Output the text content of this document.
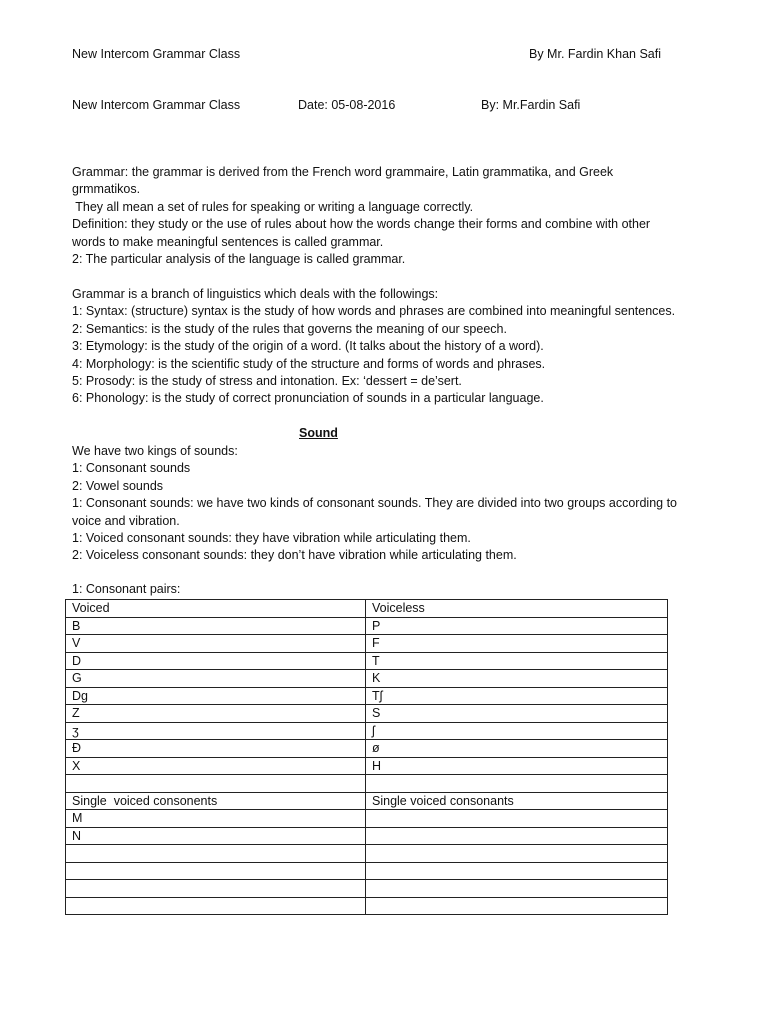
New Intercom Grammar Class	By Mr. Fardin Khan Safi
New Intercom Grammar Class	Date: 05-08-2016	By: Mr.Fardin Safi
Grammar: the grammar is derived from the French word grammaire, Latin grammatika, and Greek
grmmatikos.
They all mean a set of rules for speaking or writing a language correctly.
Definition: they study or the use of rules about how the words change their forms and combine with other
words to make meaningful sentences is called grammar.
2: The particular analysis of the language is called grammar.
Grammar is a branch of linguistics which deals with the followings:
1: Syntax: (structure) syntax is the study of how words and phrases are combined into meaningful sentences.
2: Semantics: is the study of the rules that governs the meaning of our speech.
3: Etymology: is the study of the origin of a word. (It talks about the history of a word).
4: Morphology: is the scientific study of the structure and forms of words and phrases.
5: Prosody: is the study of stress and intonation. Ex: ‘dessert = de’sert.
6: Phonology: is the study of correct pronunciation of sounds in a particular language.
Sound
We have two kings of sounds:
1: Consonant sounds
2: Vowel sounds
1: Consonant sounds: we have two kinds of consonant sounds. They are divided into two groups according to
voice and vibration.
1: Voiced consonant sounds: they have vibration while articulating them.
2: Voiceless consonant sounds: they don’t have vibration while articulating them.
1: Consonant pairs:
Voiced	Voiceless
B	P
V	F
D	T
G	K
Dg	Tʃ
Z	S
ʒ	ʃ
Đ	ø
X	H

Single  voiced consonents	Single voiced consonants
M	
N	
